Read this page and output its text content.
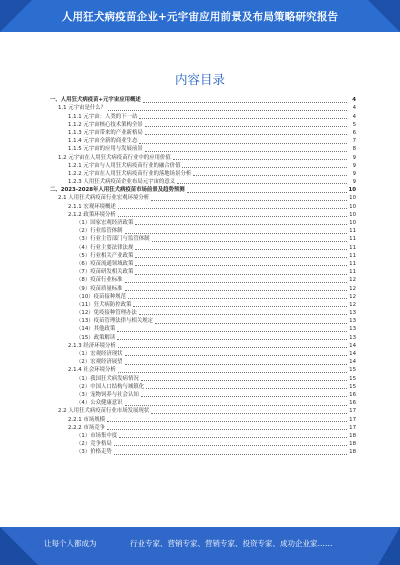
人用狂犬病疫苗企业+元宇宙应用前景及布局策略研究报告
内容目录
一、人用狂犬病疫苗+元宇宙应用概述	4
1.1 元宇宙是什么？	4
1.1.1 元宇宙：人类的下一站	4
1.1.2 元宇宙核心技术架构全景	5
1.1.3 元宇宙带来的产业新格局	6
1.1.4 元宇宙全新的商业生态	7
1.1.5 元宇宙的应用与发展前景	8
1.2 元宇宙在人用狂犬病疫苗行业中的应用价值	9
1.2.1 元宇宙与人用狂犬病疫苗行业的融合价值	9
1.2.2 元宇宙在人用狂犬病疫苗行业的落地场景分析	9
1.2.3 人用狂犬病疫苗企业布局元宇宙的意义	9
二、2023-2028年人用狂犬病疫苗市场前景及趋势预测	10
2.1 人用狂犬病疫苗行业宏观环境分析	10
2.1.1 宏观环境概述	10
2.1.2 政策环境分析	10
（1）国家宏观经济政策	10
（2）行业监管体制	11
（3）行业主管部门与监管体制	11
（4）行业主要法律法规	11
（5）行业相关产业政策	11
（6）疫苗流通领域政策	11
（7）疫苗研发相关政策	11
（8）疫苗行业标准	12
（9）疫苗质量标准	12
（10）疫苗接种规范	12
（11）狂犬病防控政策	12
（12）免疫接种管理办法	13
（13）疫苗管理法律与相关规定	13
（14）其他政策	13
（15）政策解读	13
2.1.3 经济环境分析	14
（1）宏观经济现状	14
（2）宏观经济展望	14
2.1.4 社会环境分析	15
（1）我国狂犬病发病情况	15
（2）中国人口结构与城镇化	15
（3）宠物饲养与社会认知	16
（4）公众健康意识	16
2.2 人用狂犬病疫苗行业市场发展现状	17
2.2.1 市场规模	17
2.2.2 市场竞争	17
（1）市场集中度	18
（2）竞争格局	18
（3）价格走势	18
让每个人都成为	行业专家、营销专家、营销专家、投资专家、成功企业家……
